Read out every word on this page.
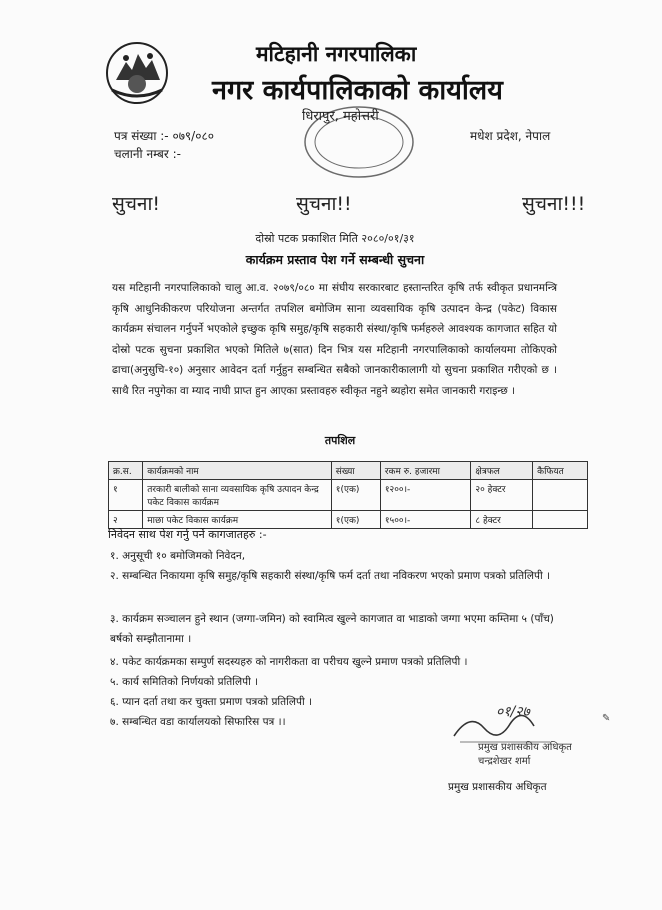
मटिहानी नगरपालिका
नगर कार्यपालिकाको कार्यालय
धिरापुर, महोत्तरी
पत्र संख्या :- ०७९/०८०
चलानी नम्बर :-
मधेश प्रदेश, नेपाल
सुचना!	सुचना!!	सुचना!!!
दोस्रो पटक प्रकाशित मिति २०८०/०१/३१
कार्यक्रम प्रस्ताव पेश गर्ने सम्बन्धी सुचना

यस मटिहानी नगरपालिकाको चालु आ.व. २०७९/०८० मा संघीय सरकारबाट हस्तान्तरित कृषि तर्फ स्वीकृत प्रधानमन्त्रि कृषि आधुनिकीकरण परियोजना अन्तर्गत तपशिल बमोजिम साना व्यवसायिक कृषि उत्पादन केन्द्र (पकेट) विकास कार्यक्रम संचालन गर्नुपर्ने भएकोले इच्छुक कृषि समुह/कृषि सहकारी संस्था/कृषि फर्महरुले आवश्यक कागजात सहित यो दोस्रो पटक सुचना प्रकाशित भएको मितिले ७(सात) दिन भित्र यस मटिहानी नगरपालिकाको कार्यालयमा तोकिएको ढाचा(अनुसुचि-१०) अनुसार आवेदन दर्ता गर्नुहुन सम्बन्धित सबैको जानकारीकालागी यो सुचना प्रकाशित गरीएको छ । साथै रित नपुगेका वा म्याद नाघी प्राप्त हुन आएका प्रस्तावहरु स्वीकृत नहुने ब्यहोरा समेत जानकारी गराइन्छ ।

तपशिल
क्र.स.	कार्यक्रमको नाम	संख्या	रकम रु. हजारमा	क्षेत्रफल	कैफियत
१	तरकारी बालीको साना व्यवसायिक कृषि उत्पादन केन्द्र पकेट विकास कार्यक्रम	१(एक)	१२००।-	२० हेक्टर	
२	माछा पकेट विकास कार्यक्रम	१(एक)	१५००।-	८ हेक्टर	
निवेदन साथ पेश गर्नु पर्ने कागजातहरु :-

१. अनुसूची १० बमोजिमको निवेदन,

२. सम्बन्धित निकायमा कृषि समुह/कृषि सहकारी संस्था/कृषि फर्म दर्ता तथा नविकरण भएको प्रमाण पत्रको प्रतिलिपी ।

३. कार्यक्रम सञ्चालन हुने स्थान (जग्गा-जमिन) को स्वामित्व खुल्ने कागजात वा भाडाको जग्गा भएमा कम्तिमा ५ (पाँच) बर्षको सम्झौतानामा ।

४. पकेट कार्यक्रमका सम्पुर्ण सदस्यहरु को नागरीकता वा परीचय खुल्ने प्रमाण पत्रको प्रतिलिपी ।

५. कार्य समितिको निर्णयको प्रतिलिपी ।

६. प्यान दर्ता तथा कर चुक्ता प्रमाण पत्रको प्रतिलिपी ।

७. सम्बन्धित वडा कार्यालयको सिफारिस पत्र ।।

०१/२७	✎
प्रमुख प्रशासकीय अधिकृत
चन्द्रशेखर शर्मा
प्रमुख प्रशासकीय अधिकृत
